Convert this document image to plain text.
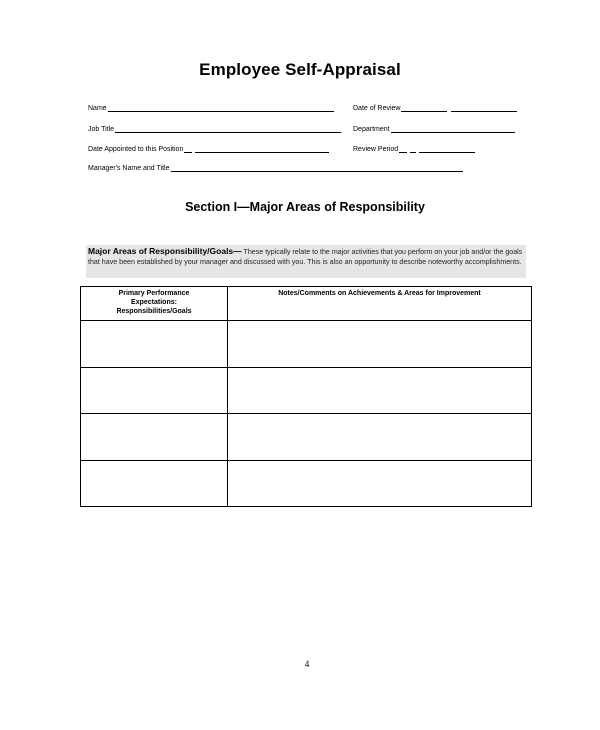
Employee Self-Appraisal
Name	Date of Review
Job Title	Department
Date Appointed to this Position	Review Period
Manager's Name and Title
Section I—Major Areas of Responsibility
Major Areas of Responsibility/Goals— These typically relate to the major activities that you perform on your job and/or the goals that have been established by your manager and discussed with you. This is also an opportunity to describe noteworthy accomplishments.
Primary Performance
Expectations:
Responsibilities/Goals	Notes/Comments on Achievements & Areas for Improvement

4
